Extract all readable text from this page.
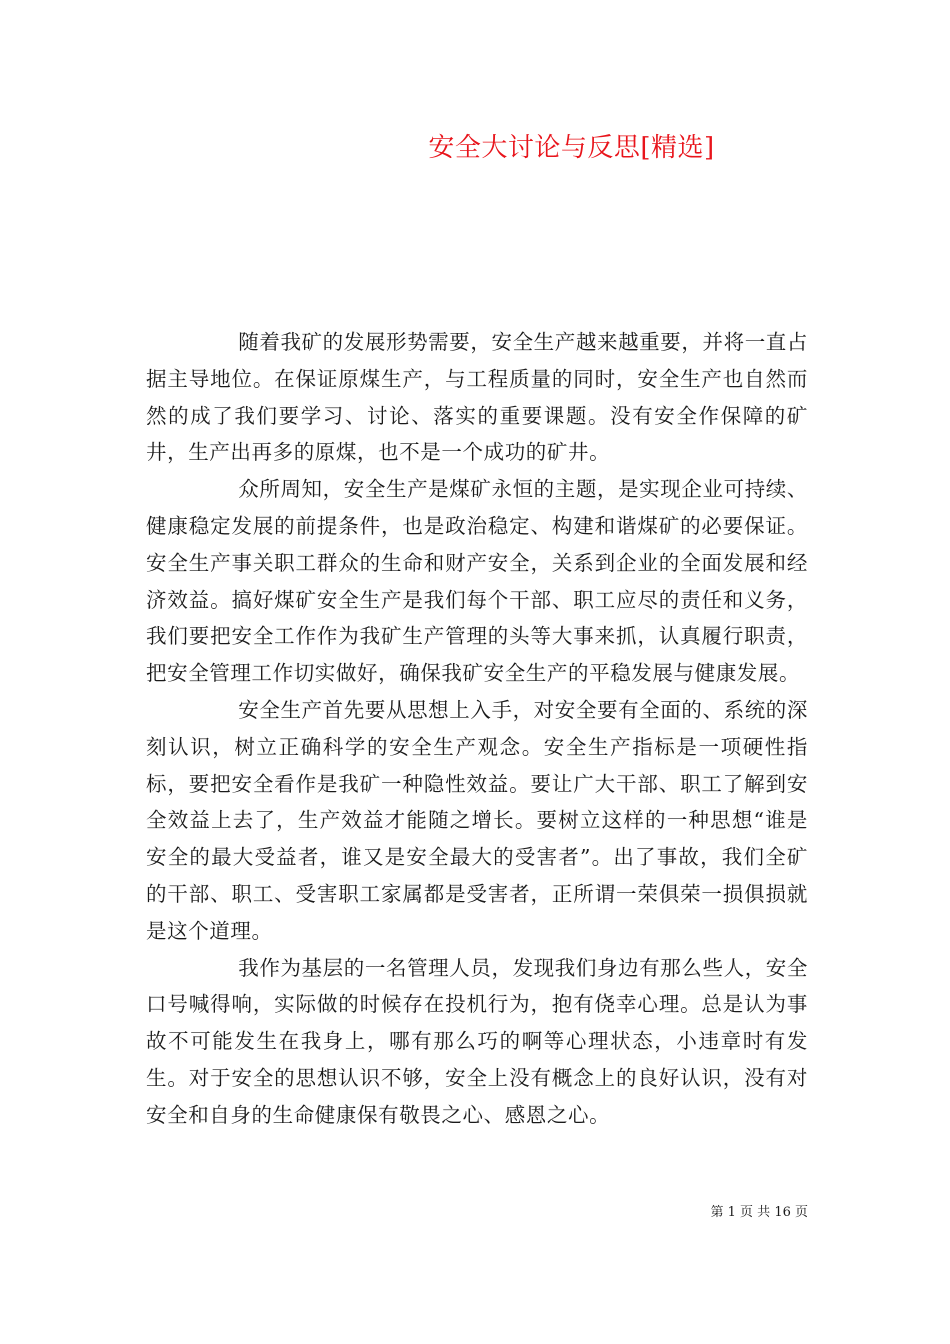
安全大讨论与反思[精选]

随着我矿的发展形势需要，安全生产越来越重要，并将一直占据主导地位。在保证原煤生产，与工程质量的同时，安全生产也自然而然的成了我们要学习、讨论、落实的重要课题。没有安全作保障的矿井，生产出再多的原煤，也不是一个成功的矿井。

众所周知，安全生产是煤矿永恒的主题，是实现企业可持续、健康稳定发展的前提条件，也是政治稳定、构建和谐煤矿的必要保证。安全生产事关职工群众的生命和财产安全，关系到企业的全面发展和经济效益。搞好煤矿安全生产是我们每个干部、职工应尽的责任和义务，我们要把安全工作作为我矿生产管理的头等大事来抓，认真履行职责，把安全管理工作切实做好，确保我矿安全生产的平稳发展与健康发展。

安全生产首先要从思想上入手，对安全要有全面的、系统的深刻认识，树立正确科学的安全生产观念。安全生产指标是一项硬性指标，要把安全看作是我矿一种隐性效益。要让广大干部、职工了解到安全效益上去了，生产效益才能随之增长。要树立这样的一种思想“谁是安全的最大受益者，谁又是安全最大的受害者”。出了事故，我们全矿的干部、职工、受害职工家属都是受害者，正所谓一荣俱荣一损俱损就是这个道理。

我作为基层的一名管理人员，发现我们身边有那么些人，安全口号喊得响，实际做的时候存在投机行为，抱有侥幸心理。总是认为事故不可能发生在我身上，哪有那么巧的啊等心理状态，小违章时有发生。对于安全的思想认识不够，安全上没有概念上的良好认识，没有对安全和自身的生命健康保有敬畏之心、感恩之心。

第 1 页 共 16 页
